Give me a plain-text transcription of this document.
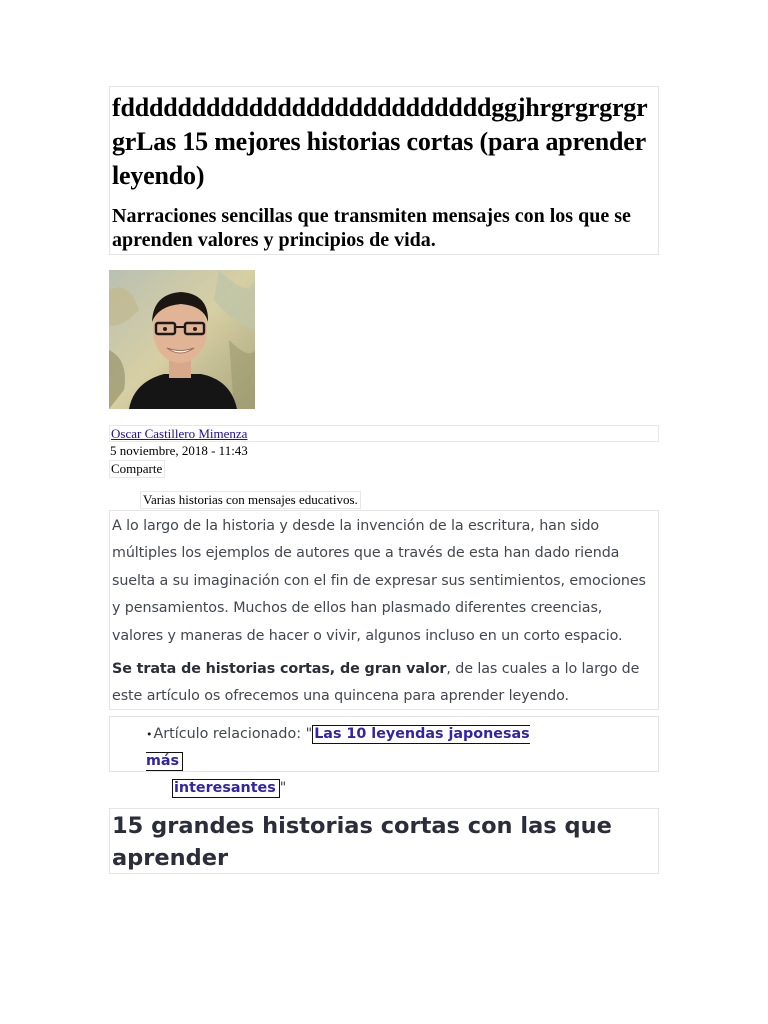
fddddddddddddddddddddddddddggjhrgrgrgrgrgrLas 15 mejores historias cortas (para aprender leyendo)
Narraciones sencillas que transmiten mensajes con los que se aprenden valores y principios de vida.
Oscar Castillero Mimenza
5 noviembre, 2018 - 11:43
Comparte
Varias historias con mensajes educativos.

A lo largo de la historia y desde la invención de la escritura, han sido múltiples los ejemplos de autores que a través de esta han dado rienda suelta a su imaginación con el fin de expresar sus sentimientos, emociones y pensamientos. Muchos de ellos han plasmado diferentes creencias, valores y maneras de hacer o vivir, algunos incluso en un corto espacio.

Se trata de historias cortas, de gran valor, de las cuales a lo largo de este artículo os ofrecemos una quincena para aprender leyendo.

•Artículo relacionado: " Las 10 leyendas japonesas más
interesantes "
15 grandes historias cortas con las que aprender
